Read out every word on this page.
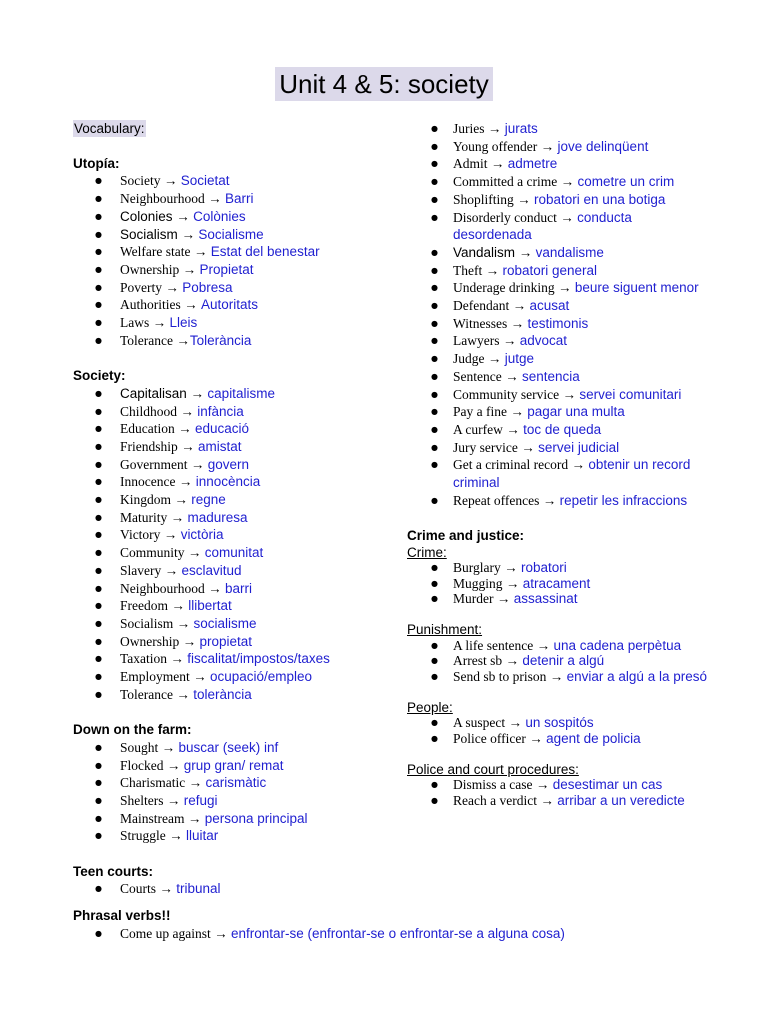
Unit 4 & 5: society
Vocabulary:
Utopía:
●	Society → Societat
●	Neighbourhood → Barri
●	Colonies → Colònies
●	Socialism → Socialisme
●	Welfare state → Estat del benestar
●	Ownership → Propietat
●	Poverty → Pobresa
●	Authorities → Autoritats
●	Laws → Lleis
●	Tolerance →Tolerància
Society:
●	Capitalisan → capitalisme
●	Childhood → infància
●	Education → educació
●	Friendship → amistat
●	Government → govern
●	Innocence → innocència
●	Kingdom → regne
●	Maturity → maduresa
●	Victory → victòria
●	Community → comunitat
●	Slavery → esclavitud
●	Neighbourhood → barri
●	Freedom → llibertat
●	Socialism → socialisme
●	Ownership → propietat
●	Taxation → fiscalitat/impostos/taxes
●	Employment → ocupació/empleo
●	Tolerance → tolerància
Down on the farm:
●	Sought → buscar (seek) inf
●	Flocked → grup gran/ remat
●	Charismatic → carismàtic
●	Shelters → refugi
●	Mainstream → persona principal
●	Struggle → lluitar
Teen courts:
●	Courts → tribunal
Phrasal verbs!!
●	Come up against → enfrontar-se (enfrontar-se o enfrontar-se a alguna cosa)
●	Juries → jurats
●	Young offender → jove delinqüent
●	Admit → admetre
●	Committed a crime → cometre un crim
●	Shoplifting → robatori en una botiga
●	Disorderly conduct → conducta desordenada
●	Vandalism → vandalisme
●	Theft → robatori general
●	Underage drinking → beure siguent menor
●	Defendant → acusat
●	Witnesses → testimonis
●	Lawyers → advocat
●	Judge → jutge
●	Sentence → sentencia
●	Community service → servei comunitari
●	Pay a fine → pagar una multa
●	A curfew → toc de queda
●	Jury service → servei judicial
●	Get a criminal record → obtenir un record criminal
●	Repeat offences → repetir les infraccions
Crime and justice:
Crime:
●	Burglary → robatori
●	Mugging → atracament
●	Murder → assassinat
Punishment:
●	A life sentence → una cadena perpètua
●	Arrest sb → detenir a algú
●	Send sb to prison → enviar a algú a la presó
People:
●	A suspect → un sospitós
●	Police officer → agent de policia
Police and court procedures:
●	Dismiss a case → desestimar un cas
●	Reach a verdict → arribar a un veredicte
